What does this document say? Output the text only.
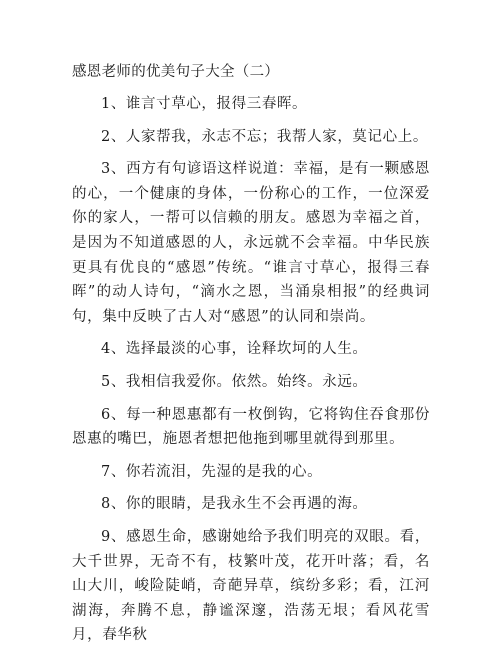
感恩老师的优美句子大全（二）

1、谁言寸草心，报得三春晖。

2、人家帮我，永志不忘；我帮人家，莫记心上。

3、西方有句谚语这样说道：幸福，是有一颗感恩的心，一个健康的身体，一份称心的工作，一位深爱你的家人，一帮可以信赖的朋友。感恩为幸福之首，是因为不知道感恩的人，永远就不会幸福。中华民族更具有优良的“感恩”传统。“谁言寸草心，报得三春晖”的动人诗句，“滴水之恩，当涌泉相报”的经典词句，集中反映了古人对“感恩”的认同和崇尚。

4、选择最淡的心事，诠释坎坷的人生。

5、我相信我爱你。依然。始终。永远。

6、每一种恩惠都有一枚倒钩，它将钩住吞食那份恩惠的嘴巴，施恩者想把他拖到哪里就得到那里。

7、你若流泪，先湿的是我的心。

8、你的眼睛，是我永生不会再遇的海。

9、感恩生命，感谢她给予我们明亮的双眼。看，大千世界，无奇不有，枝繁叶茂，花开叶落；看，名山大川，峻险陡峭，奇葩异草，缤纷多彩；看，江河湖海，奔腾不息，静谧深邃，浩荡无垠；看风花雪月，春华秋
